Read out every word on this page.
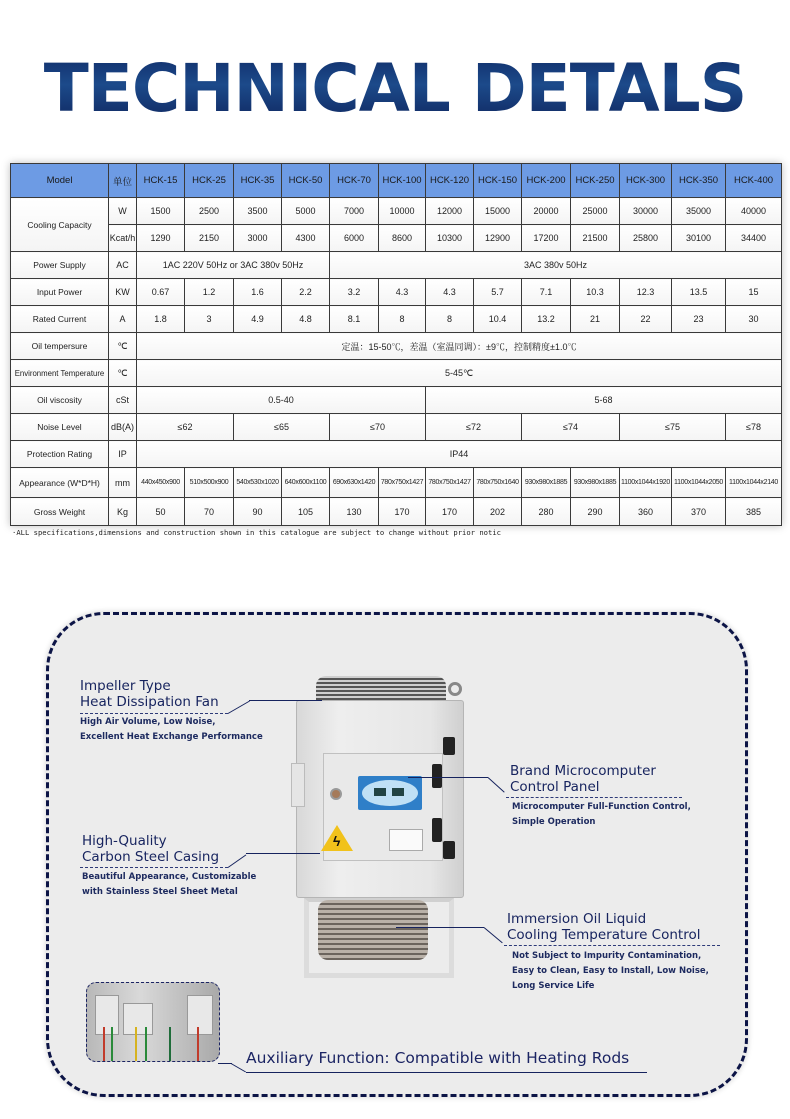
TECHNICAL DETALS
Model	单位	HCK-15	HCK-25	HCK-35	HCK-50	HCK-70	HCK-100	HCK-120	HCK-150	HCK-200	HCK-250	HCK-300	HCK-350	HCK-400
Cooling Capacity	W	1500	2500	3500	5000	7000	10000	12000	15000	20000	25000	30000	35000	40000
	Kcat/h	1290	2150	3000	4300	6000	8600	10300	12900	17200	21500	25800	30100	34400
Power Supply	AC	1AC 220V 50Hz or 3AC 380v 50Hz				3AC 380v 50Hz								
Input Power	KW	0.67	1.2	1.6	2.2	3.2	4.3	4.3	5.7	7.1	10.3	12.3	13.5	15
Rated Current	A	1.8	3	4.9	4.8	8.1	8	8	10.4	13.2	21	22	23	30
Oil tempersure	℃	定温：15-50℃，差温（室温同调）：±9℃，控制精度±1.0℃												
Environment Temperature	℃	5-45℃												
Oil viscosity	cSt	0.5-40						5-68						
Noise Level	dB(A)	≤62		≤65		≤70		≤72		≤74		≤75		≤78
Protection Rating	IP	IP44												
Appearance (W*D*H)	mm	440x450x900	510x500x900	540x530x1020	640x600x1100	690x630x1420	780x750x1427	780x750x1427	780x750x1640	930x980x1885	930x980x1885	1100x1044x1920	1100x1044x2050	1100x1044x2140
Gross Weight	Kg	50	70	90	105	130	170	170	202	280	290	360	370	385
·ALL specifications,dimensions and construction shown in this catalogue are subject to change without prior notic
ϟ
Impeller Type
Heat Dissipation Fan
High Air Volume, Low Noise,
Excellent Heat Exchange Performance
Brand Microcomputer
Control Panel
Microcomputer Full-Function Control,
Simple Operation
High-Quality
Carbon Steel Casing
Beautiful Appearance, Customizable
with Stainless Steel Sheet Metal
Immersion Oil Liquid
Cooling Temperature Control
Not Subject to Impurity Contamination,
Easy to Clean, Easy to Install, Low Noise,
Long Service Life
Auxiliary Function: Compatible with Heating Rods
